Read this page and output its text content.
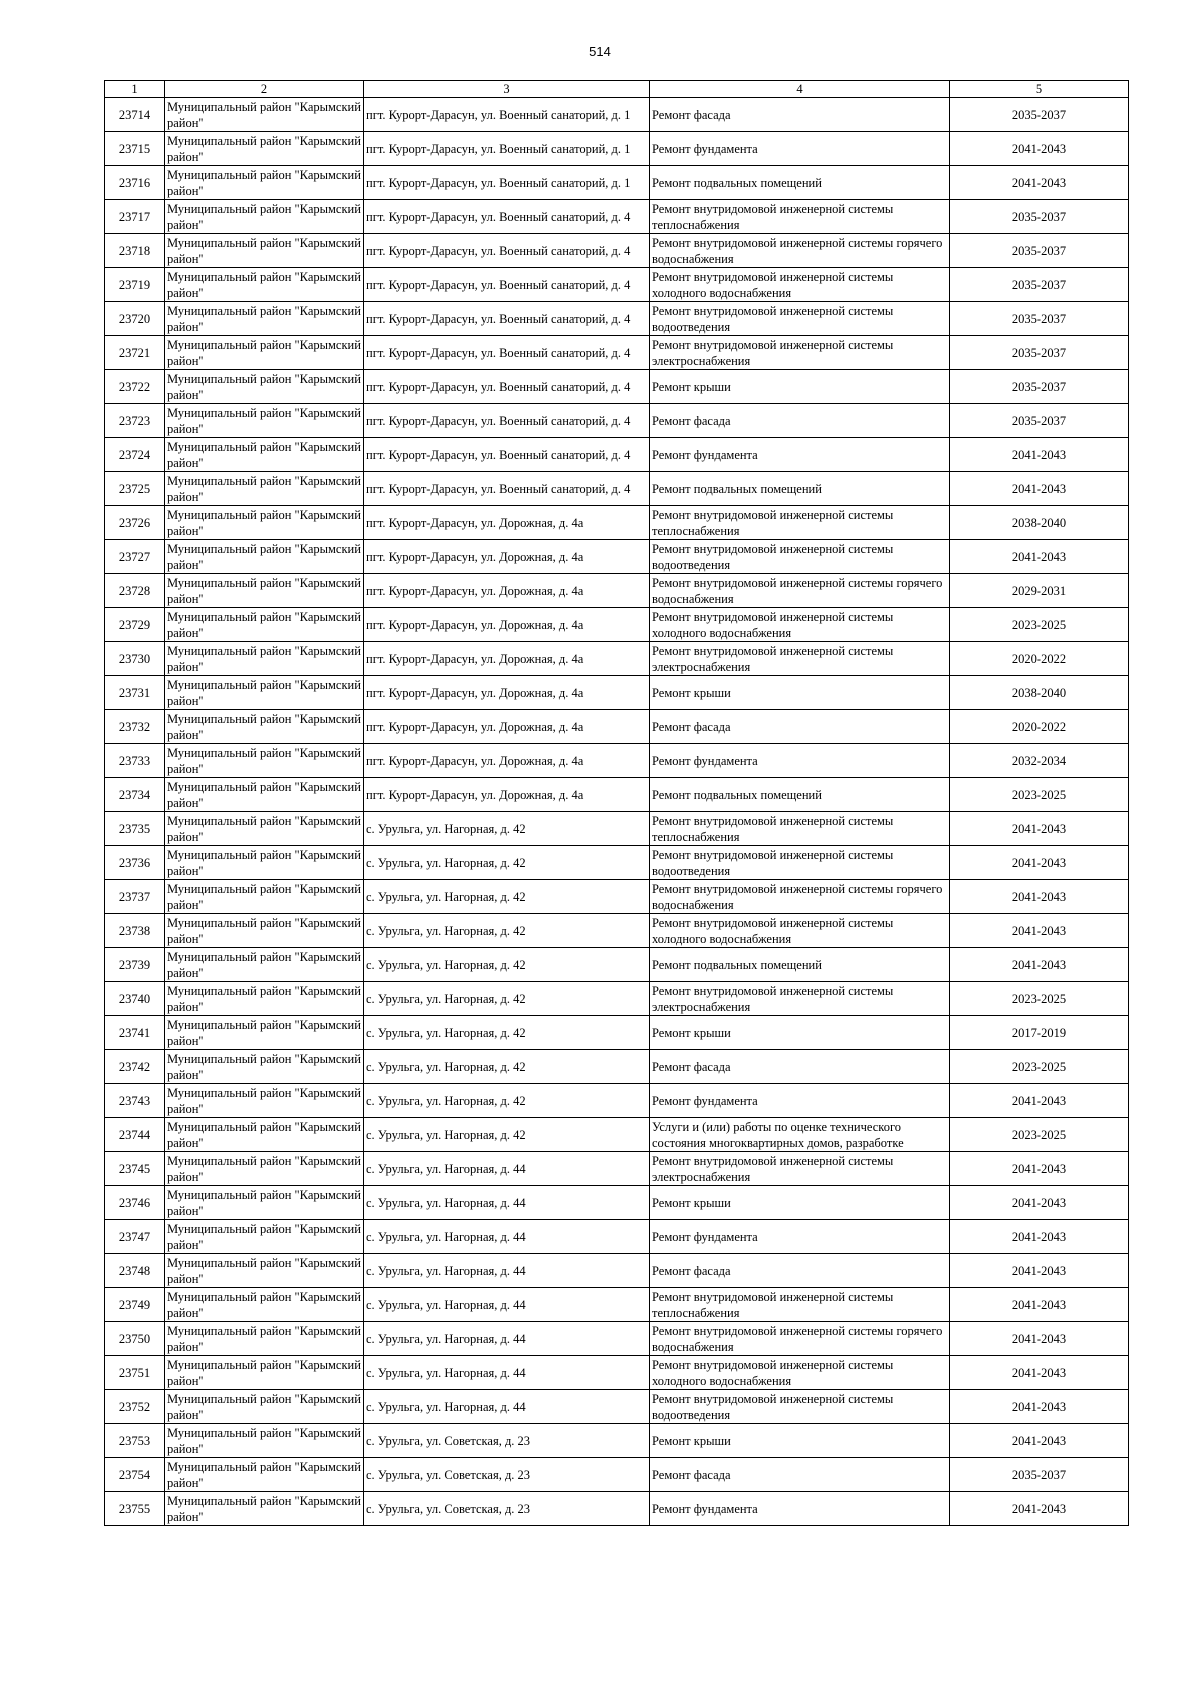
514
1	2	3	4	5

23714	Муниципальный район "Карымский район"	пгт. Курорт-Дарасун, ул. Военный санаторий, д. 1	Ремонт фасада	2035-2037

23715	Муниципальный район "Карымский район"	пгт. Курорт-Дарасун, ул. Военный санаторий, д. 1	Ремонт фундамента	2041-2043

23716	Муниципальный район "Карымский район"	пгт. Курорт-Дарасун, ул. Военный санаторий, д. 1	Ремонт подвальных помещений	2041-2043

23717	Муниципальный район "Карымский район"	пгт. Курорт-Дарасун, ул. Военный санаторий, д. 4	Ремонт внутридомовой инженерной системы теплоснабжения	2035-2037

23718	Муниципальный район "Карымский район"	пгт. Курорт-Дарасун, ул. Военный санаторий, д. 4	Ремонт внутридомовой инженерной системы горячего водоснабжения	2035-2037

23719	Муниципальный район "Карымский район"	пгт. Курорт-Дарасун, ул. Военный санаторий, д. 4	Ремонт внутридомовой инженерной системы холодного водоснабжения	2035-2037

23720	Муниципальный район "Карымский район"	пгт. Курорт-Дарасун, ул. Военный санаторий, д. 4	Ремонт внутридомовой инженерной системы водоотведения	2035-2037

23721	Муниципальный район "Карымский район"	пгт. Курорт-Дарасун, ул. Военный санаторий, д. 4	Ремонт внутридомовой инженерной системы электроснабжения	2035-2037

23722	Муниципальный район "Карымский район"	пгт. Курорт-Дарасун, ул. Военный санаторий, д. 4	Ремонт крыши	2035-2037

23723	Муниципальный район "Карымский район"	пгт. Курорт-Дарасун, ул. Военный санаторий, д. 4	Ремонт фасада	2035-2037

23724	Муниципальный район "Карымский район"	пгт. Курорт-Дарасун, ул. Военный санаторий, д. 4	Ремонт фундамента	2041-2043

23725	Муниципальный район "Карымский район"	пгт. Курорт-Дарасун, ул. Военный санаторий, д. 4	Ремонт подвальных помещений	2041-2043

23726	Муниципальный район "Карымский район"	пгт. Курорт-Дарасун, ул. Дорожная, д. 4а	Ремонт внутридомовой инженерной системы теплоснабжения	2038-2040

23727	Муниципальный район "Карымский район"	пгт. Курорт-Дарасун, ул. Дорожная, д. 4а	Ремонт внутридомовой инженерной системы водоотведения	2041-2043

23728	Муниципальный район "Карымский район"	пгт. Курорт-Дарасун, ул. Дорожная, д. 4а	Ремонт внутридомовой инженерной системы горячего водоснабжения	2029-2031

23729	Муниципальный район "Карымский район"	пгт. Курорт-Дарасун, ул. Дорожная, д. 4а	Ремонт внутридомовой инженерной системы холодного водоснабжения	2023-2025

23730	Муниципальный район "Карымский район"	пгт. Курорт-Дарасун, ул. Дорожная, д. 4а	Ремонт внутридомовой инженерной системы электроснабжения	2020-2022

23731	Муниципальный район "Карымский район"	пгт. Курорт-Дарасун, ул. Дорожная, д. 4а	Ремонт крыши	2038-2040

23732	Муниципальный район "Карымский район"	пгт. Курорт-Дарасун, ул. Дорожная, д. 4а	Ремонт фасада	2020-2022

23733	Муниципальный район "Карымский район"	пгт. Курорт-Дарасун, ул. Дорожная, д. 4а	Ремонт фундамента	2032-2034

23734	Муниципальный район "Карымский район"	пгт. Курорт-Дарасун, ул. Дорожная, д. 4а	Ремонт подвальных помещений	2023-2025

23735	Муниципальный район "Карымский район"	с. Урульга, ул. Нагорная, д. 42	Ремонт внутридомовой инженерной системы теплоснабжения	2041-2043

23736	Муниципальный район "Карымский район"	с. Урульга, ул. Нагорная, д. 42	Ремонт внутридомовой инженерной системы водоотведения	2041-2043

23737	Муниципальный район "Карымский район"	с. Урульга, ул. Нагорная, д. 42	Ремонт внутридомовой инженерной системы горячего водоснабжения	2041-2043

23738	Муниципальный район "Карымский район"	с. Урульга, ул. Нагорная, д. 42	Ремонт внутридомовой инженерной системы холодного водоснабжения	2041-2043

23739	Муниципальный район "Карымский район"	с. Урульга, ул. Нагорная, д. 42	Ремонт подвальных помещений	2041-2043

23740	Муниципальный район "Карымский район"	с. Урульга, ул. Нагорная, д. 42	Ремонт внутридомовой инженерной системы электроснабжения	2023-2025

23741	Муниципальный район "Карымский район"	с. Урульга, ул. Нагорная, д. 42	Ремонт крыши	2017-2019

23742	Муниципальный район "Карымский район"	с. Урульга, ул. Нагорная, д. 42	Ремонт фасада	2023-2025

23743	Муниципальный район "Карымский район"	с. Урульга, ул. Нагорная, д. 42	Ремонт фундамента	2041-2043

23744	Муниципальный район "Карымский район"	с. Урульга, ул. Нагорная, д. 42	Услуги и (или) работы по оценке технического состояния многоквартирных домов, разработке	2023-2025

23745	Муниципальный район "Карымский район"	с. Урульга, ул. Нагорная, д. 44	Ремонт внутридомовой инженерной системы электроснабжения	2041-2043

23746	Муниципальный район "Карымский район"	с. Урульга, ул. Нагорная, д. 44	Ремонт крыши	2041-2043

23747	Муниципальный район "Карымский район"	с. Урульга, ул. Нагорная, д. 44	Ремонт фундамента	2041-2043

23748	Муниципальный район "Карымский район"	с. Урульга, ул. Нагорная, д. 44	Ремонт фасада	2041-2043

23749	Муниципальный район "Карымский район"	с. Урульга, ул. Нагорная, д. 44	Ремонт внутридомовой инженерной системы теплоснабжения	2041-2043

23750	Муниципальный район "Карымский район"	с. Урульга, ул. Нагорная, д. 44	Ремонт внутридомовой инженерной системы горячего водоснабжения	2041-2043

23751	Муниципальный район "Карымский район"	с. Урульга, ул. Нагорная, д. 44	Ремонт внутридомовой инженерной системы холодного водоснабжения	2041-2043

23752	Муниципальный район "Карымский район"	с. Урульга, ул. Нагорная, д. 44	Ремонт внутридомовой инженерной системы водоотведения	2041-2043

23753	Муниципальный район "Карымский район"	с. Урульга, ул. Советская, д. 23	Ремонт крыши	2041-2043

23754	Муниципальный район "Карымский район"	с. Урульга, ул. Советская, д. 23	Ремонт фасада	2035-2037

23755	Муниципальный район "Карымский район"	с. Урульга, ул. Советская, д. 23	Ремонт фундамента	2041-2043
